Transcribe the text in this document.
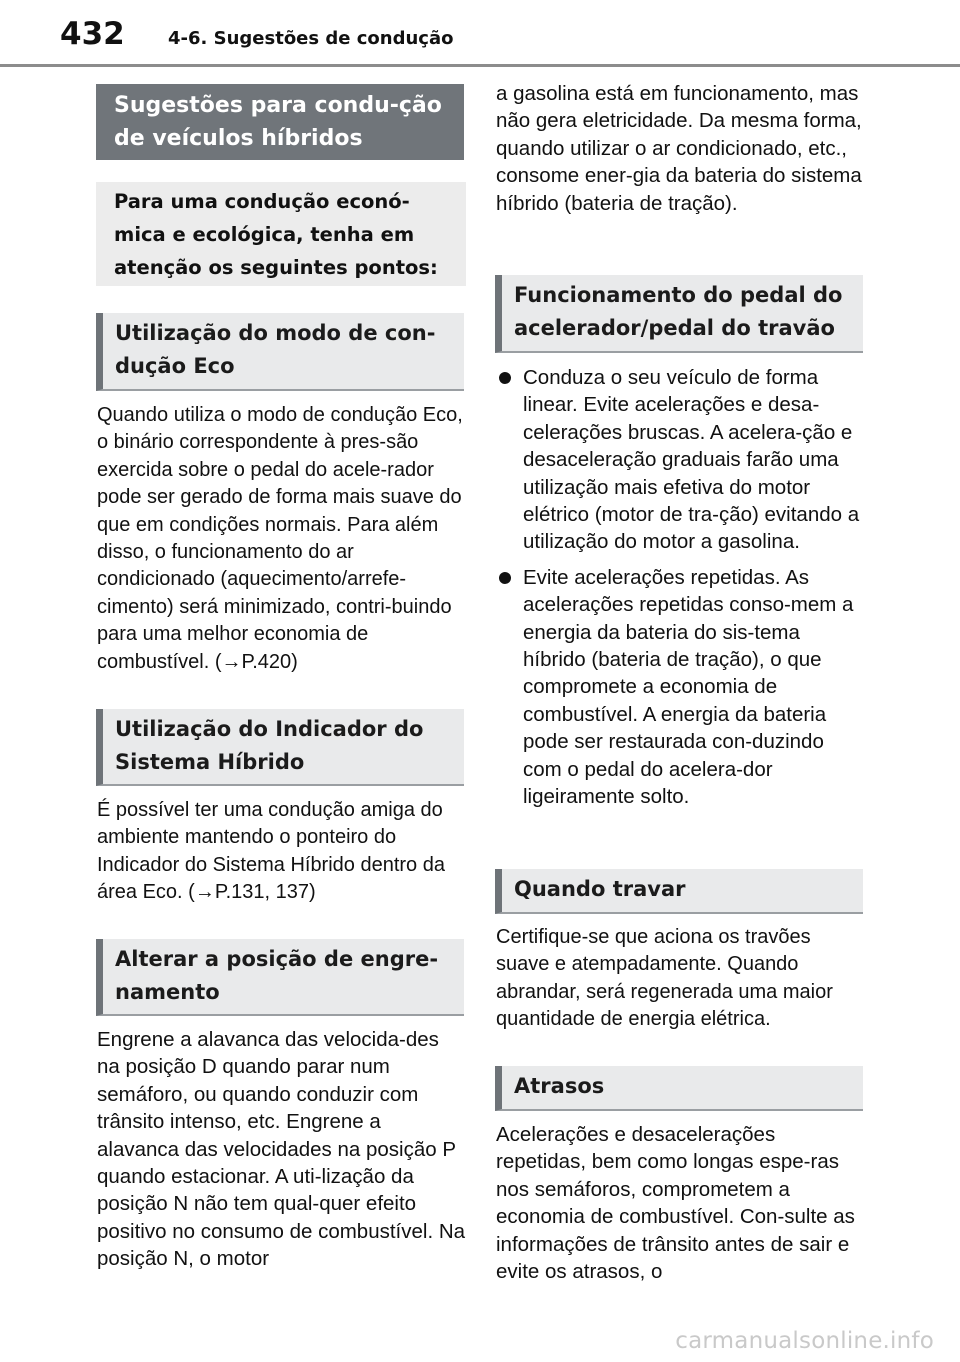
432 4-6. Sugestões de condução
Sugestões para condu-ção de veículos híbridos
Para uma condução econó-mica e ecológica, tenha em atenção os seguintes pontos:
Utilização do modo de con-dução Eco
Quando utiliza o modo de condução Eco, o binário correspondente à pres-são exercida sobre o pedal do acele-rador pode ser gerado de forma mais suave do que em condições normais. Para além disso, o funcionamento do ar condicionado (aquecimento/arrefe-cimento) será minimizado, contri-buindo para uma melhor economia de combustível. (→P.420)
Utilização do Indicador do Sistema Híbrido
É possível ter uma condução amiga do ambiente mantendo o ponteiro do Indicador do Sistema Híbrido dentro da área Eco. (→P.131, 137)
Alterar a posição de engre-namento
Engrene a alavanca das velocida-des na posição D quando parar num semáforo, ou quando conduzir com trânsito intenso, etc. Engrene a alavanca das velocidades na posição P quando estacionar. A uti-lização da posição N não tem qual-quer efeito positivo no consumo de combustível. Na posição N, o motor
a gasolina está em funcionamento, mas não gera eletricidade. Da mesma forma, quando utilizar o ar condicionado, etc., consome ener-gia da bateria do sistema híbrido (bateria de tração).
Funcionamento do pedal do acelerador/pedal do travão
Conduza o seu veículo de forma linear. Evite acelerações e desa-celerações bruscas. A acelera-ção e desaceleração graduais farão uma utilização mais efetiva do motor elétrico (motor de tra-ção) evitando a utilização do motor a gasolina.
Evite acelerações repetidas. As acelerações repetidas conso-mem a energia da bateria do sis-tema híbrido (bateria de tração), o que compromete a economia de combustível. A energia da bateria pode ser restaurada con-duzindo com o pedal do acelera-dor ligeiramente solto.
Quando travar
Certifique-se que aciona os travões suave e atempadamente. Quando abrandar, será regenerada uma maior quantidade de energia elétrica.
Atrasos
Acelerações e desacelerações repetidas, bem como longas espe-ras nos semáforos, comprometem a economia de combustível. Con-sulte as informações de trânsito antes de sair e evite os atrasos, o
carmanualsonline.info
